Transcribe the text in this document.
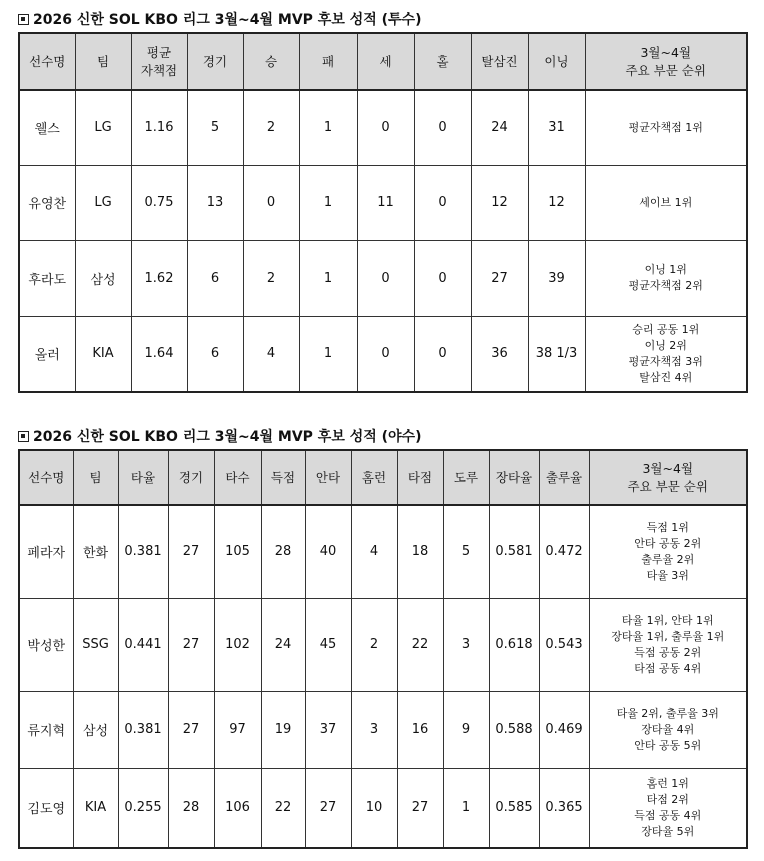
2026 신한 SOL KBO 리그 3월~4월 MVP 후보 성적 (투수)
선수명	팀	평균
자책점	경기	승	패	세	홀	탈삼진	이닝	3월~4월
주요 부문 순위

웰스	LG	1.16	5	2	1	0	0	24	31	평균자책점 1위

유영찬	LG	0.75	13	0	1	11	0	12	12	세이브 1위

후라도	삼성	1.62	6	2	1	0	0	27	39	이닝 1위
평균자책점 2위

올러	KIA	1.64	6	4	1	0	0	36	38 1/3	승리 공동 1위
이닝 2위
평균자책점 3위
탈삼진 4위
2026 신한 SOL KBO 리그 3월~4월 MVP 후보 성적 (야수)
선수명	팀	타율	경기	타수	득점	안타	홈런	타점	도루	장타율	출루율	3월~4월
주요 부문 순위

페라자	한화	0.381	27	105	28	40	4	18	5	0.581	0.472	득점 1위
안타 공동 2위
출루율 2위
타율 3위

박성한	SSG	0.441	27	102	24	45	2	22	3	0.618	0.543	타율 1위, 안타 1위
장타율 1위, 출루율 1위
득점 공동 2위
타점 공동 4위

류지혁	삼성	0.381	27	97	19	37	3	16	9	0.588	0.469	타율 2위, 출루율 3위
장타율 4위
안타 공동 5위

김도영	KIA	0.255	28	106	22	27	10	27	1	0.585	0.365	홈런 1위
타점 2위
득점 공동 4위
장타율 5위
